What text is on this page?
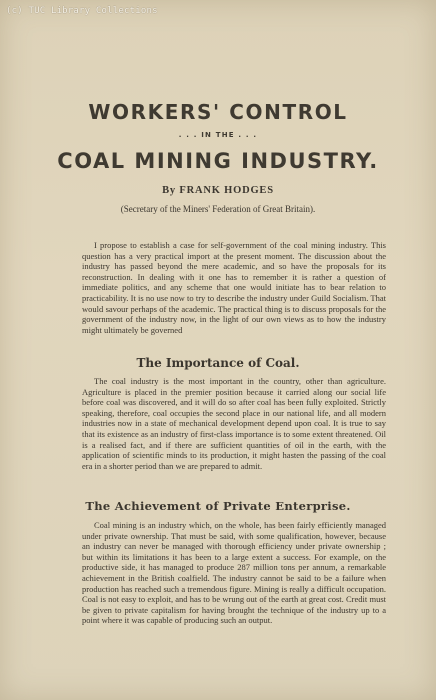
(c) TUC Library Collections
WORKERS' CONTROL
. . . IN THE . . .
COAL MINING INDUSTRY.
By FRANK HODGES
(Secretary of the Miners' Federation of Great Britain).
I propose to establish a case for self-government of the coal mining industry. This question has a very practical import at the present moment. The discussion about the industry has passed beyond the mere academic, and so have the proposals for its reconstruction. In dealing with it one has to remember it is rather a question of immediate politics, and any scheme that one would initiate has to bear relation to practicability. It is no use now to try to describe the industry under Guild Socialism. That would savour perhaps of the academic. The practical thing is to discuss proposals for the government of the industry now, in the light of our own views as to how the industry might ultimately be governed
The Importance of Coal.
The coal industry is the most important in the country, other than agriculture. Agriculture is placed in the premier position because it carried along our social life before coal was discovered, and it will do so after coal has been fully exploited. Strictly speaking, therefore, coal occupies the second place in our national life, and all modern industries now in a state of mechanical development depend upon coal. It is true to say that its existence as an industry of first-class importance is to some extent threatened. Oil is a realised fact, and if there are sufficient quantities of oil in the earth, with the application of scientific minds to its production, it might hasten the passing of the coal era in a shorter period than we are prepared to admit.
The Achievement of Private Enterprise.
Coal mining is an industry which, on the whole, has been fairly efficiently managed under private ownership. That must be said, with some qualification, however, because an industry can never be managed with thorough efficiency under private ownership ; but within its limitations it has been to a large extent a success. For example, on the productive side, it has managed to produce 287 million tons per annum, a remarkable achievement in the British coalfield. The industry cannot be said to be a failure when production has reached such a tremendous figure. Mining is really a difficult occupation. Coal is not easy to exploit, and has to be wrung out of the earth at great cost. Credit must be given to private capitalism for having brought the technique of the industry up to a point where it was capable of producing such an output.
